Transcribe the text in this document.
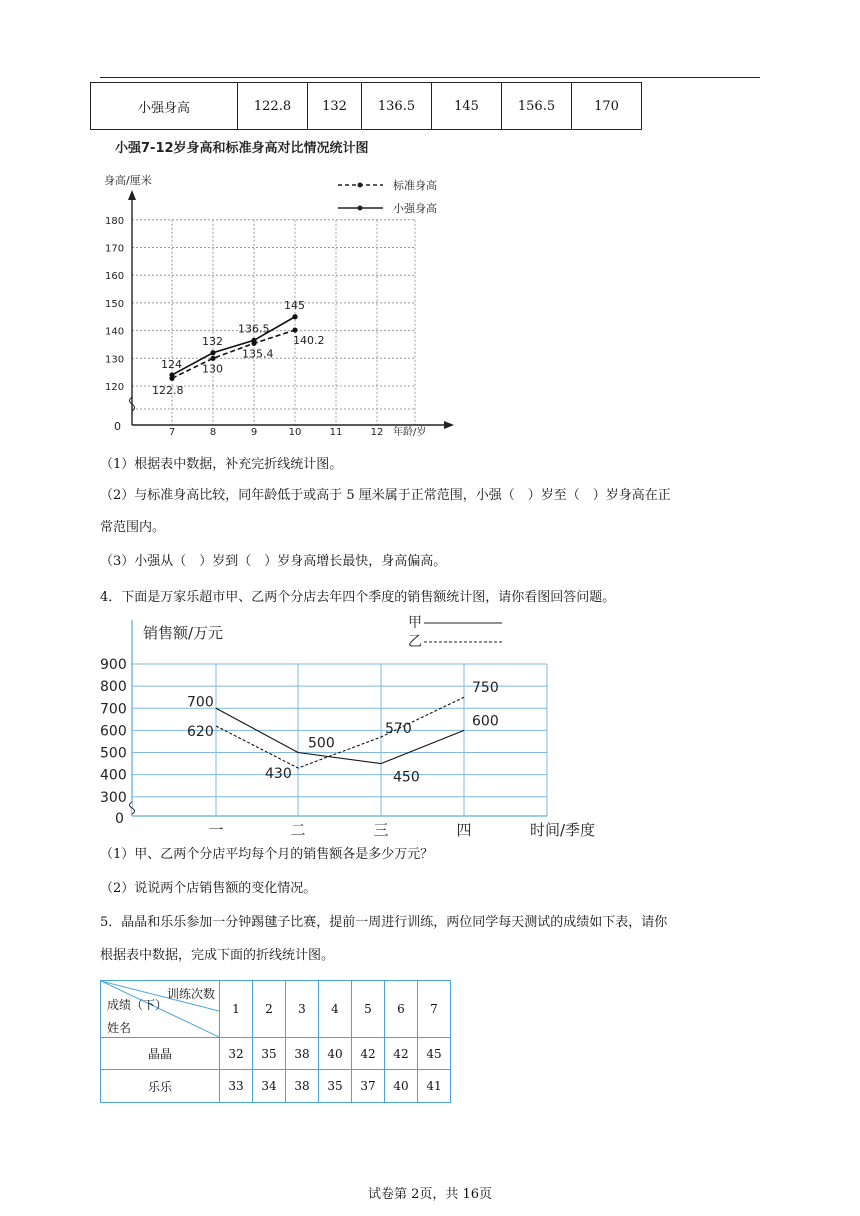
小强身高	122.8	132	136.5	145	156.5	170
身高/厘米
小强7-12岁身高和标准身高对比情况统计图
120
130
140
150
160
170
180
0	7	8	9	10	11	12 年龄/岁
标准身高
小强身高
122.8
130
135.4
140.2
124
132
136.5
145
（1）根据表中数据，补充完折线统计图。
（2）与标准身高比较，同年龄低于或高于 5 厘米属于正常范围，小强（　）岁至（　）岁身高在正
常范围内。
（3）小强从（　）岁到（　）岁身高增长最快，身高偏高。
4．下面是万家乐超市甲、乙两个分店去年四个季度的销售额统计图，请你看图回答问题。
销售额/万元
300
400
500
600
700
800
900
0
一	二	三	四	时间/季度
甲
乙
700
500
450
600
620
430
570
750
（1）甲、乙两个分店平均每个月的销售额各是多少万元？
（2）说说两个店销售额的变化情况。
5．晶晶和乐乐参加一分钟踢毽子比赛，提前一周进行训练，两位同学每天测试的成绩如下表，请你
根据表中数据，完成下面的折线统计图。
训练次数
成绩（下）
姓名	1	2	3	4	5	6	7
晶晶	32	35	38	40	42	42	45
乐乐	33	34	38	35	37	40	41
试卷第 2页，共 16页
